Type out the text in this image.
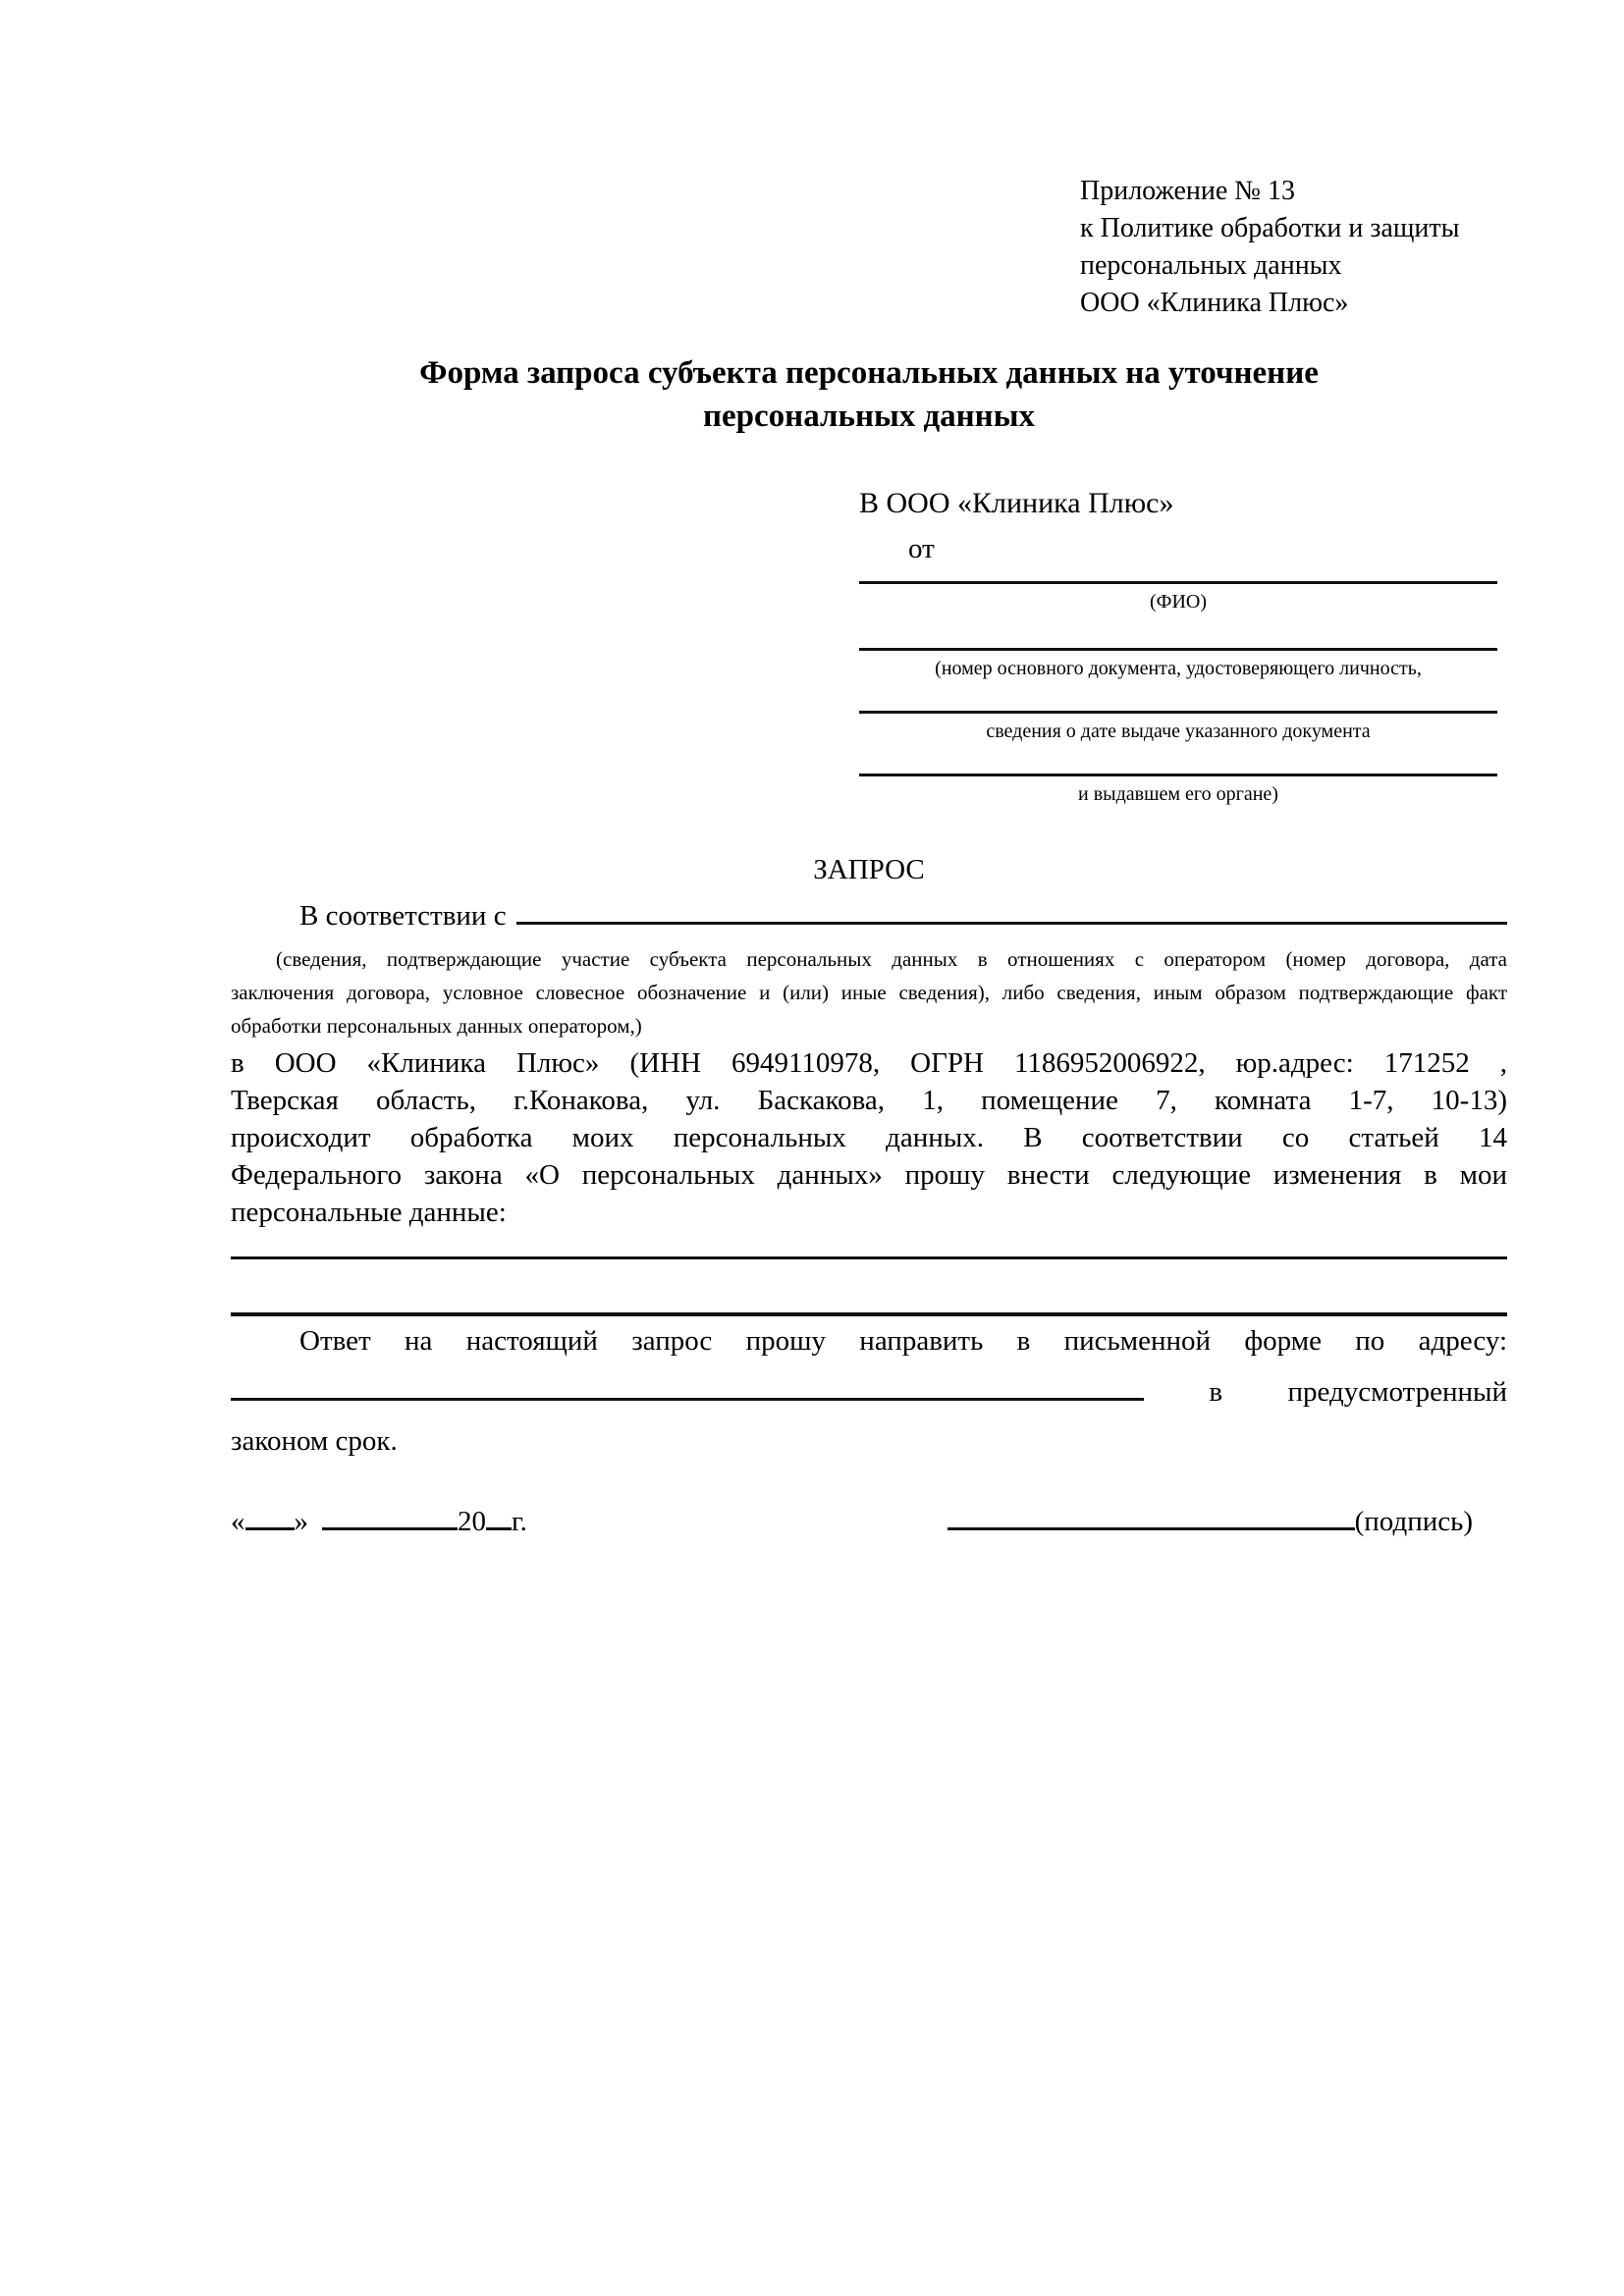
Приложение № 13
к Политике обработки и защиты
персональных данных
ООО «Клиника Плюс»
Форма запроса субъекта персональных данных на уточнение
персональных данных
В ООО «Клиника Плюс»
от
(ФИО)
(номер основного документа, удостоверяющего личность,
сведения о дате выдаче указанного документа
и выдавшем его органе)
ЗАПРОС
В соответствии с
(сведения, подтверждающие участие субъекта персональных данных в отношениях с оператором (номер договора, дата
заключения договора, условное словесное обозначение и (или) иные сведения), либо сведения, иным образом подтверждающие факт
обработки персональных данных оператором,)
в ООО «Клиника Плюс» (ИНН 6949110978, ОГРН 1186952006922, юр.адрес: 171252 ,
Тверская область, г.Конакова, ул. Баскакова, 1, помещение 7, комната 1-7, 10-13)
происходит обработка моих персональных данных. В соответствии со статьей 14
Федерального закона «О персональных данных» прошу внести следующие изменения в мои
персональные данные:
Ответ на настоящий запрос прошу направить в письменной форме по адресу:
в предусмотренный
законом срок.
« »	20 г.	(подпись)
